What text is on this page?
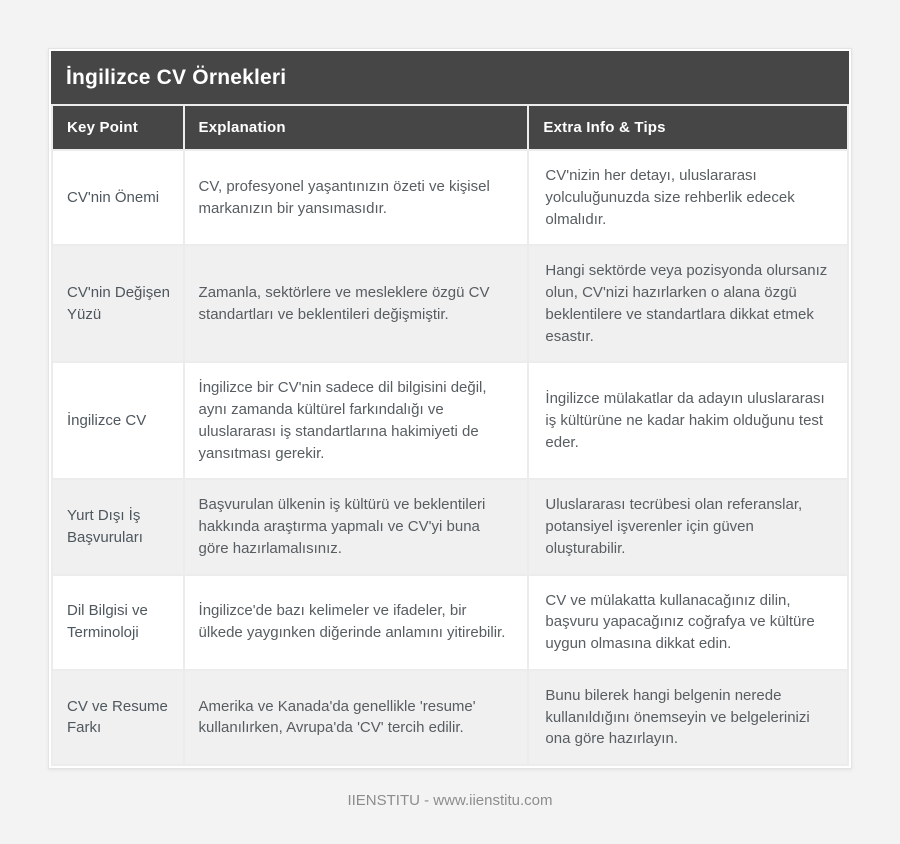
İngilizce CV Örnekleri
Key Point	Explanation	Extra Info & Tips
CV'nin Önemi	CV, profesyonel yaşantınızın özeti ve kişisel markanızın bir yansımasıdır.	CV'nizin her detayı, uluslararası yolculuğunuzda size rehberlik edecek olmalıdır.
CV'nin Değişen Yüzü	Zamanla, sektörlere ve mesleklere özgü CV standartları ve beklentileri değişmiştir.	Hangi sektörde veya pozisyonda olursanız olun, CV'nizi hazırlarken o alana özgü beklentilere ve standartlara dikkat etmek esastır.
İngilizce CV	İngilizce bir CV'nin sadece dil bilgisini değil, aynı zamanda kültürel farkındalığı ve uluslararası iş standartlarına hakimiyeti de yansıtması gerekir.	İngilizce mülakatlar da adayın uluslararası iş kültürüne ne kadar hakim olduğunu test eder.
Yurt Dışı İş Başvuruları	Başvurulan ülkenin iş kültürü ve beklentileri hakkında araştırma yapmalı ve CV'yi buna göre hazırlamalısınız.	Uluslararası tecrübesi olan referanslar, potansiyel işverenler için güven oluşturabilir.
Dil Bilgisi ve Terminoloji	İngilizce'de bazı kelimeler ve ifadeler, bir ülkede yaygınken diğerinde anlamını yitirebilir.	CV ve mülakatta kullanacağınız dilin, başvuru yapacağınız coğrafya ve kültüre uygun olmasına dikkat edin.
CV ve Resume Farkı	Amerika ve Kanada'da genellikle 'resume' kullanılırken, Avrupa'da 'CV' tercih edilir.	Bunu bilerek hangi belgenin nerede kullanıldığını önemseyin ve belgelerinizi ona göre hazırlayın.
IIENSTITU - www.iienstitu.com
